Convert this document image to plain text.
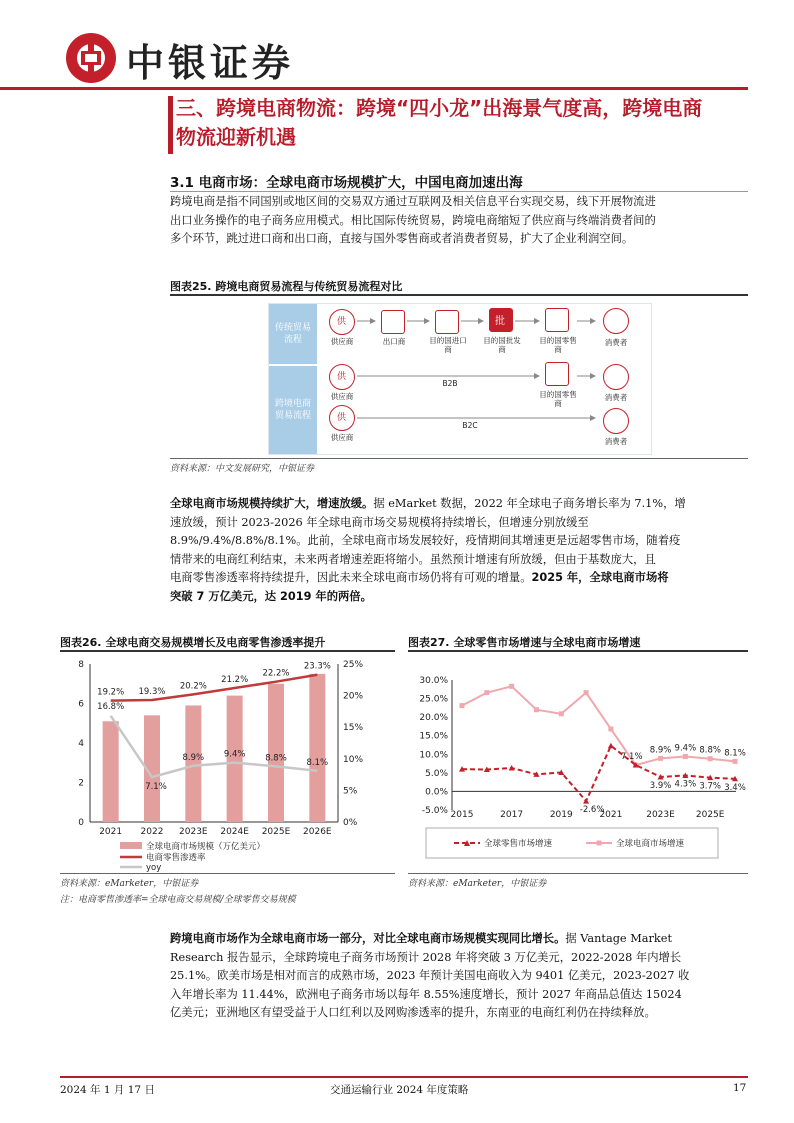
中银证券
三、跨境电商物流：跨境“四小龙”出海景气度高，跨境电商
物流迎新机遇
3.1 电商市场：全球电商市场规模扩大，中国电商加速出海
跨境电商是指不同国别或地区间的交易双方通过互联网及相关信息平台实现交易，线下开展物流进
出口业务操作的电子商务应用模式。相比国际传统贸易，跨境电商缩短了供应商与终端消费者间的
多个环节，跳过进口商和出口商，直接与国外零售商或者消费者贸易，扩大了企业利润空间。
图表25. 跨境电商贸易流程与传统贸易流程对比
传统贸易流程
跨境电商贸易流程
供
供应商	出口商	目的国进口商
批
目的国批发商
目的国零售商
消费者
供
供应商
B2B
目的国零售商
消费者
供
供应商
B2C
消费者
资料来源：中文发展研究，中银证券
全球电商市场规模持续扩大，增速放缓。据 eMarket 数据，2022 年全球电子商务增长率为 7.1%，增
速放缓，预计 2023-2026 年全球电商市场交易规模将持续增长，但增速分别放缓至
8.9%/9.4%/8.8%/8.1%。此前，全球电商市场发展较好，疫情期间其增速更是远超零售市场，随着疫
情带来的电商红利结束，未来两者增速差距将缩小。虽然预计增速有所放缓，但由于基数庞大，且
电商零售渗透率将持续提升，因此未来全球电商市场仍将有可观的增量。2025 年，全球电商市场将
突破 7 万亿美元，达 2019 年的两倍。
图表26. 全球电商交易规模增长及电商零售渗透率提升
0
2
4
6
8
0%
5%
10%
15%
20%
25%
2021 2022 2023E 2024E 2025E 2026E
19.2% 19.3%
20.2%
21.2%
22.2%
23.3%
16.8%
7.1%
8.9% 9.4% 8.8% 8.1%
全球电商市场规模（万亿美元）
电商零售渗透率
yoy
资料来源：eMarketer，中银证券
注：电商零售渗透率=全球电商交易规模/全球零售交易规模
图表27. 全球零售市场增速与全球电商市场增速
-5.0%
0.0%
5.0%
10.0%
15.0%
20.0%
25.0%
30.0%
2015	2017	2019	2021	2023E 2025E
7.1%
8.9% 9.4% 8.8% 8.1%
-2.6%
3.9% 4.3% 3.7% 3.4%
全球零售市场增速	全球电商市场增速
资料来源：eMarketer，中银证券
跨境电商市场作为全球电商市场一部分，对比全球电商市场规模实现同比增长。据 Vantage Market
Research 报告显示，全球跨境电子商务市场预计 2028 年将突破 3 万亿美元，2022-2028 年内增长
25.1%。欧美市场是相对而言的成熟市场，2023 年预计美国电商收入为 9401 亿美元，2023-2027 收
入年增长率为 11.44%，欧洲电子商务市场以每年 8.55%速度增长，预计 2027 年商品总值达 15024
亿美元；亚洲地区有望受益于人口红利以及网购渗透率的提升，东南亚的电商红利仍在持续释放。
2024 年 1 月 17 日	交通运输行业 2024 年度策略	17
